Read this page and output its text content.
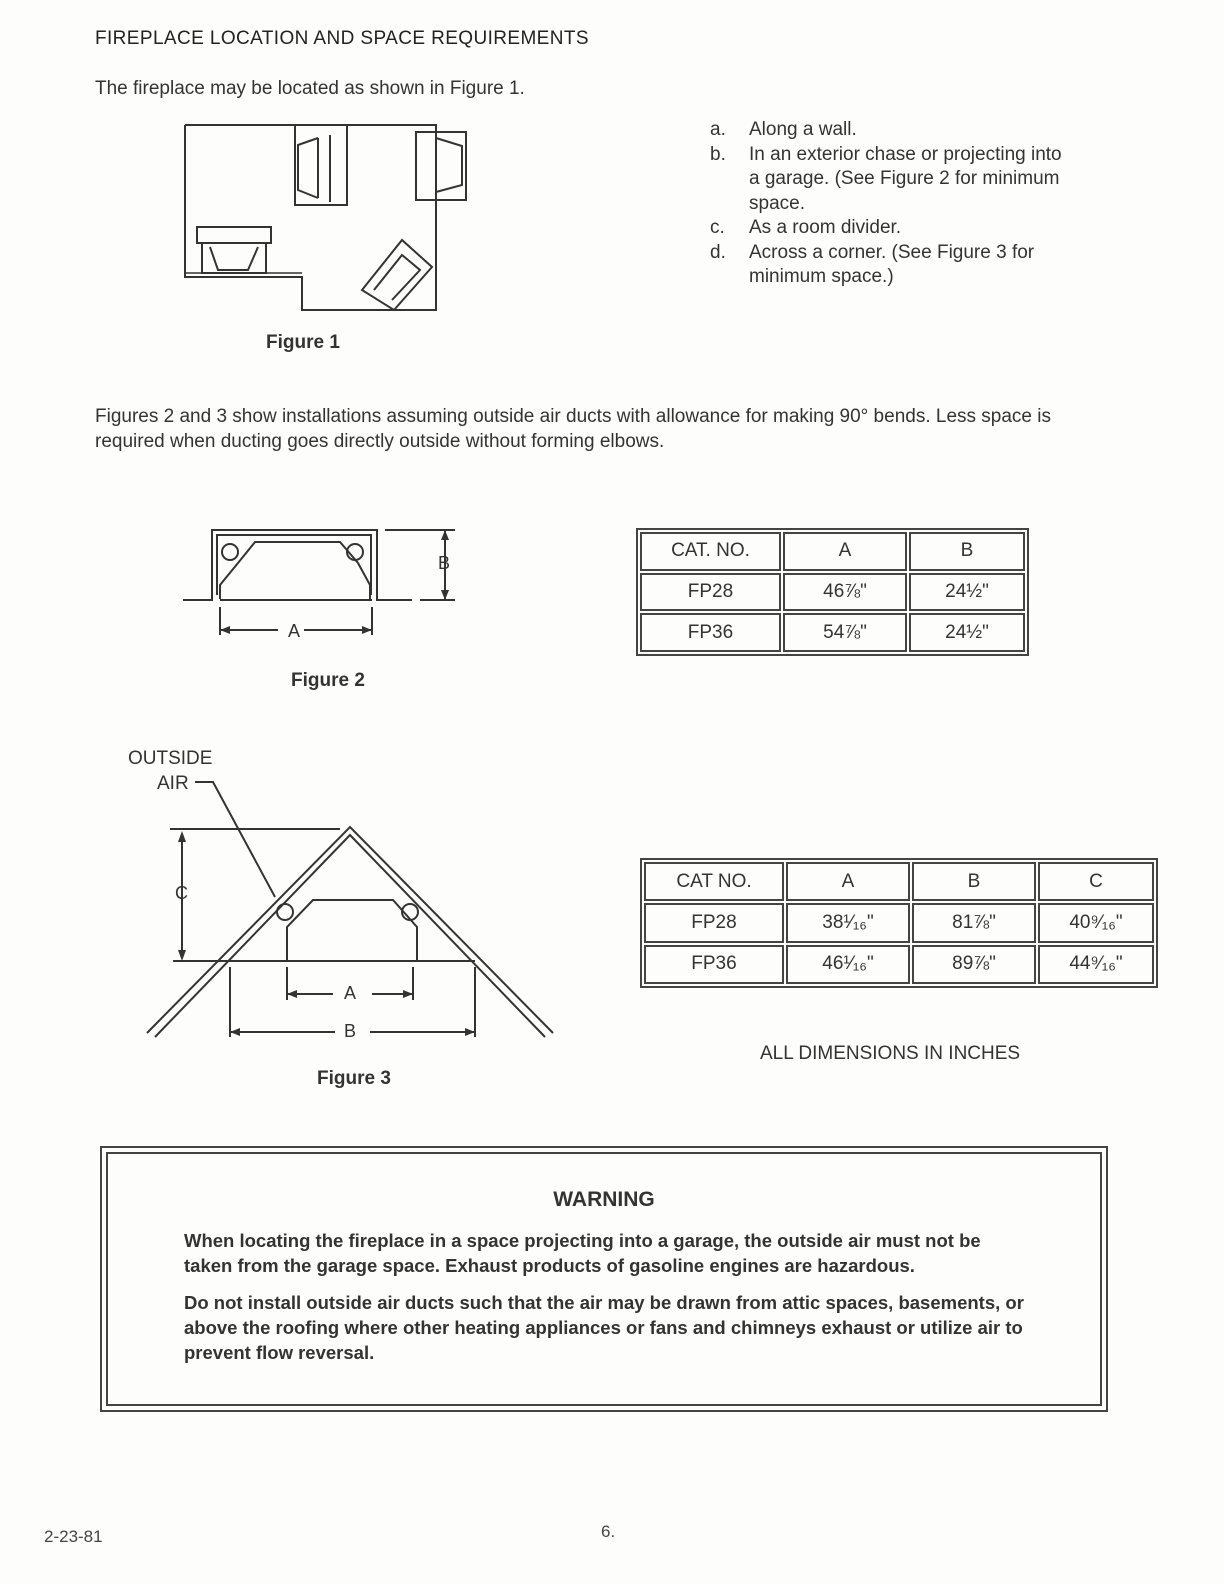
FIREPLACE LOCATION AND SPACE REQUIREMENTS
The fireplace may be located as shown in Figure 1.
Figure 1
a.	Along a wall.
b.	In an exterior chase or projecting into a garage. (See Figure 2 for minimum space.
c.	As a room divider.
d.	Across a corner. (See Figure 3 for minimum space.)
Figures 2 and 3 show installations assuming outside air ducts with allowance for making 90° bends. Less space is required when ducting goes directly outside without forming elbows.
B
A
Figure 2
CAT. NO.	A	B
FP28	46⅞"	24½"
FP36	54⅞"	24½"
OUTSIDE
AIR
C
A
B
Figure 3
CAT NO.	A	B	C
FP28	38¹⁄₁₆"	81⅞"	40⁹⁄₁₆"
FP36	46¹⁄₁₆"	89⅞"	44⁹⁄₁₆"
ALL DIMENSIONS IN INCHES
WARNING

When locating the fireplace in a space projecting into a garage, the outside air must not be taken from the garage space. Exhaust products of gasoline engines are hazardous.

Do not install outside air ducts such that the air may be drawn from attic spaces, basements, or above the roofing where other heating appliances or fans and chimneys exhaust or utilize air to prevent flow reversal.

2-23-81	6.
